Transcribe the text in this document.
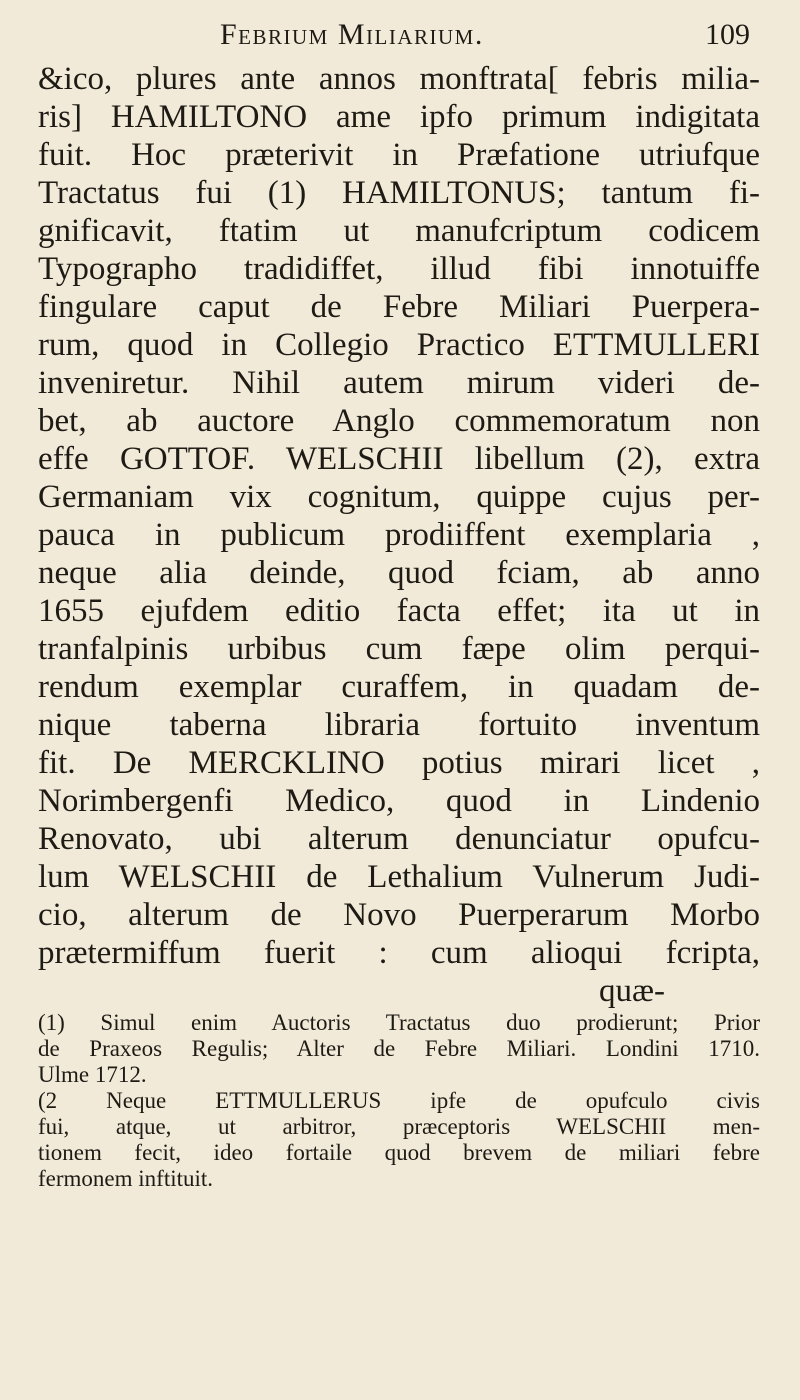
Febrium Miliarium.	109
&ico, plures ante annos monftrata[ febris milia-
ris] HAMILTONO ame ipfo primum indigitata
fuit. Hoc præterivit in Præfatione utriufque
Tractatus fui (1) HAMILTONUS; tantum fi-
gnificavit, ftatim ut manufcriptum codicem
Typographo tradidiffet, illud fibi innotuiffe
fingulare caput de Febre Miliari Puerpera-
rum, quod in Collegio Practico ETTMULLERI
inveniretur. Nihil autem mirum videri de-
bet, ab auctore Anglo commemoratum non
effe GOTTOF. WELSCHII libellum (2), extra
Germaniam vix cognitum, quippe cujus per-
pauca in publicum prodiiffent exemplaria ,
neque alia deinde, quod fciam, ab anno
1655 ejufdem editio facta effet; ita ut in
tranfalpinis urbibus cum fæpe olim perqui-
rendum exemplar curaffem, in quadam de-
nique taberna libraria fortuito inventum
fit. De MERCKLINO potius mirari licet ,
Norimbergenfi Medico, quod in Lindenio
Renovato, ubi alterum denunciatur opufcu-
lum WELSCHII de Lethalium Vulnerum Judi-
cio, alterum de Novo Puerperarum Morbo
prætermiffum fuerit : cum alioqui fcripta,
quæ-
(1) Simul enim Auctoris Tractatus duo prodierunt; Prior
de Praxeos Regulis; Alter de Febre Miliari. Londini 1710.
Ulme 1712.
(2 Neque ETTMULLERUS ipfe de opufculo civis
fui, atque, ut arbitror, præceptoris WELSCHII men-
tionem fecit, ideo fortaile quod brevem de miliari febre
fermonem inftituit.
